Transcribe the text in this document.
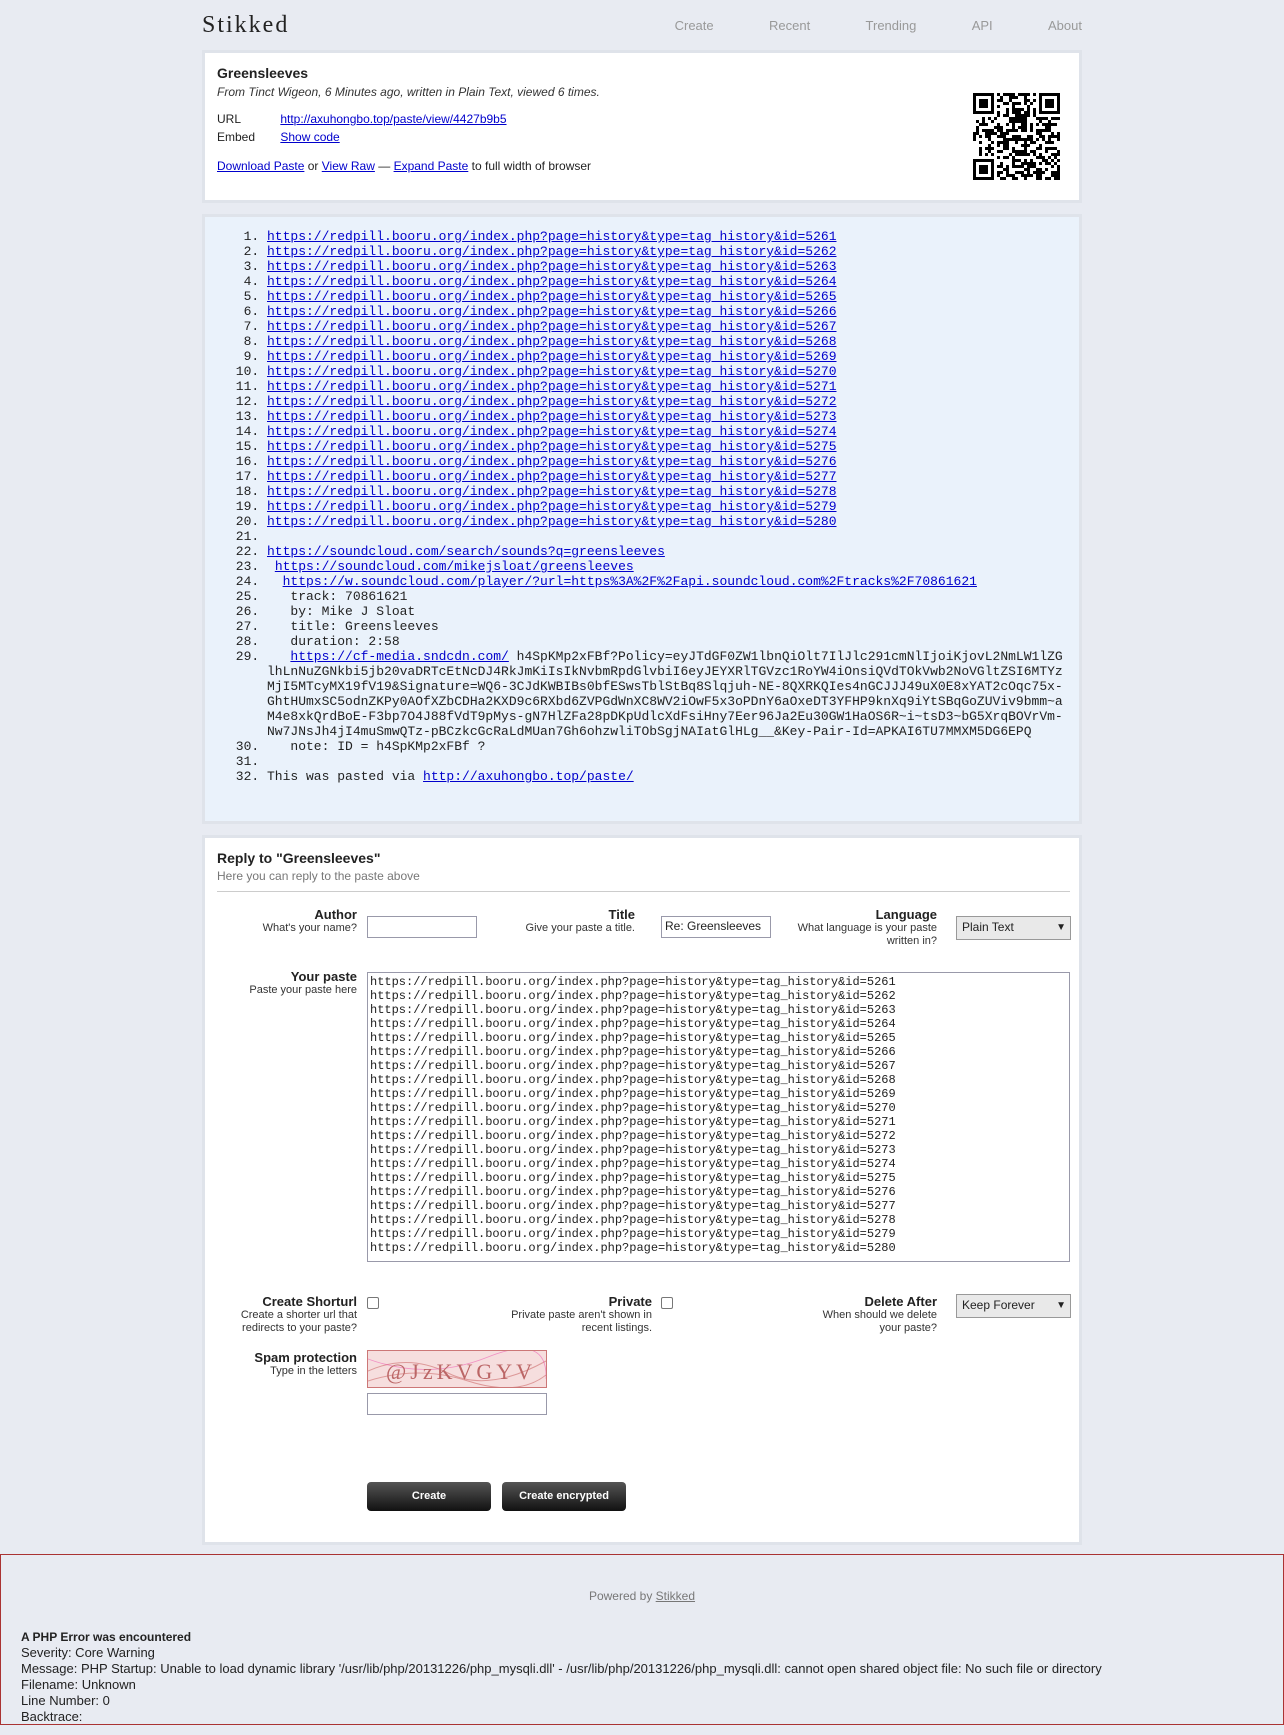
Stikked	Create	Recent	Trending	API	About
Greensleeves
From Tinct Wigeon, 6 Minutes ago, written in Plain Text, viewed 6 times.
URL	http://axuhongbo.top/paste/view/4427b9b5
Embed Show code
Download Paste or View Raw — Expand Paste to full width of browser
1. https://redpill.booru.org/index.php?page=history&type=tag_history&id=5261
2. https://redpill.booru.org/index.php?page=history&type=tag_history&id=5262
3. https://redpill.booru.org/index.php?page=history&type=tag_history&id=5263
4. https://redpill.booru.org/index.php?page=history&type=tag_history&id=5264
5. https://redpill.booru.org/index.php?page=history&type=tag_history&id=5265
6. https://redpill.booru.org/index.php?page=history&type=tag_history&id=5266
7. https://redpill.booru.org/index.php?page=history&type=tag_history&id=5267
8. https://redpill.booru.org/index.php?page=history&type=tag_history&id=5268
9. https://redpill.booru.org/index.php?page=history&type=tag_history&id=5269
10. https://redpill.booru.org/index.php?page=history&type=tag_history&id=5270
11. https://redpill.booru.org/index.php?page=history&type=tag_history&id=5271
12. https://redpill.booru.org/index.php?page=history&type=tag_history&id=5272
13. https://redpill.booru.org/index.php?page=history&type=tag_history&id=5273
14. https://redpill.booru.org/index.php?page=history&type=tag_history&id=5274
15. https://redpill.booru.org/index.php?page=history&type=tag_history&id=5275
16. https://redpill.booru.org/index.php?page=history&type=tag_history&id=5276
17. https://redpill.booru.org/index.php?page=history&type=tag_history&id=5277
18. https://redpill.booru.org/index.php?page=history&type=tag_history&id=5278
19. https://redpill.booru.org/index.php?page=history&type=tag_history&id=5279
20. https://redpill.booru.org/index.php?page=history&type=tag_history&id=5280
21.
22. https://soundcloud.com/search/sounds?q=greensleeves
23. https://soundcloud.com/mikejsloat/greensleeves
24. https://w.soundcloud.com/player/?url=https%3A%2F%2Fapi.soundcloud.com%2Ftracks%2F70861621
25.    track: 70861621
26.    by: Mike J Sloat
27.    title: Greensleeves
28.    duration: 2:58
29. https://cf-media.sndcdn.com/ h4SpKMp2xFBf?Policy=eyJTdGF0ZW1lbnQiOlt7IlJlc291cmNlIjoiKjovL2NmLW1lZGlhLnNuZGNkbi5jb20vaDRTcEtNcDJ4RkJmKiIsIkNvbmRpdGlvbiI6eyJEYXRlTGVzc1RoYW4iOnsiQVdTOkVwb2NoVGltZSI6MTYzMjI5MTcyMX19fV19&Signature=WQ6-3CJdKWBIBs0bfESwsTblStBq8Slqjuh-NE-8QXRKQIes4nGCJJJ49uX0E8xYAT2cOqc75x-GhtHUmxSC5odnZKPy0AOfXZbCDHa2KXD9c6RXbd6ZVPGdWnXC8WV2iOwF5x3oPDnY6aOxeDT3YFHP9knXq9iYtSBqGoZUViv9bmm~aM4e8xkQrdBoE-F3bp7O4J88fVdT9pMys-gN7HlZFa28pDKpUdlcXdFsiHny7Eer96Ja2Eu30GW1HaOS6R~i~tsD3~bG5XrqBOVrVm-Nw7JNsJh4jI4muSmwQTz-pBCzkcGcRaLdMUan7Gh6ohzwliTObSgjNAIatGlHLg__&Key-Pair-Id=APKAI6TU7MMXM5DG6EPQ
30.    note: ID = h4SpKMp2xFBf ?
31.
32. This was pasted via http://axuhongbo.top/paste/
Reply to "Greensleeves"
Here you can reply to the paste above
Author
What's your name?
Title
Give your paste a title.	Re: Greensleeves
Language
What language is your paste written in?
Plain Text	▼
Your paste
Paste your paste here
https://redpill.booru.org/index.php?page=history&type=tag_history&id=5261
https://redpill.booru.org/index.php?page=history&type=tag_history&id=5262
https://redpill.booru.org/index.php?page=history&type=tag_history&id=5263
https://redpill.booru.org/index.php?page=history&type=tag_history&id=5264
https://redpill.booru.org/index.php?page=history&type=tag_history&id=5265
https://redpill.booru.org/index.php?page=history&type=tag_history&id=5266
https://redpill.booru.org/index.php?page=history&type=tag_history&id=5267
https://redpill.booru.org/index.php?page=history&type=tag_history&id=5268
https://redpill.booru.org/index.php?page=history&type=tag_history&id=5269
https://redpill.booru.org/index.php?page=history&type=tag_history&id=5270
https://redpill.booru.org/index.php?page=history&type=tag_history&id=5271
https://redpill.booru.org/index.php?page=history&type=tag_history&id=5272
https://redpill.booru.org/index.php?page=history&type=tag_history&id=5273
https://redpill.booru.org/index.php?page=history&type=tag_history&id=5274
https://redpill.booru.org/index.php?page=history&type=tag_history&id=5275
https://redpill.booru.org/index.php?page=history&type=tag_history&id=5276
https://redpill.booru.org/index.php?page=history&type=tag_history&id=5277
https://redpill.booru.org/index.php?page=history&type=tag_history&id=5278
https://redpill.booru.org/index.php?page=history&type=tag_history&id=5279
https://redpill.booru.org/index.php?page=history&type=tag_history&id=5280
Create Shorturl
Create a shorter url that redirects to your paste?
Private
Private paste aren't shown in recent listings.
Delete After
When should we delete your paste?
Keep Forever ▼
Spam protection
Type in the letters @JzKVGYV
Create	Create encrypted
Powered by Stikked
A PHP Error was encountered
Severity: Core Warning
Message: PHP Startup: Unable to load dynamic library '/usr/lib/php/20131226/php_mysqli.dll' - /usr/lib/php/20131226/php_mysqli.dll: cannot open shared object file: No such file or directory
Filename: Unknown
Line Number: 0
Backtrace:
